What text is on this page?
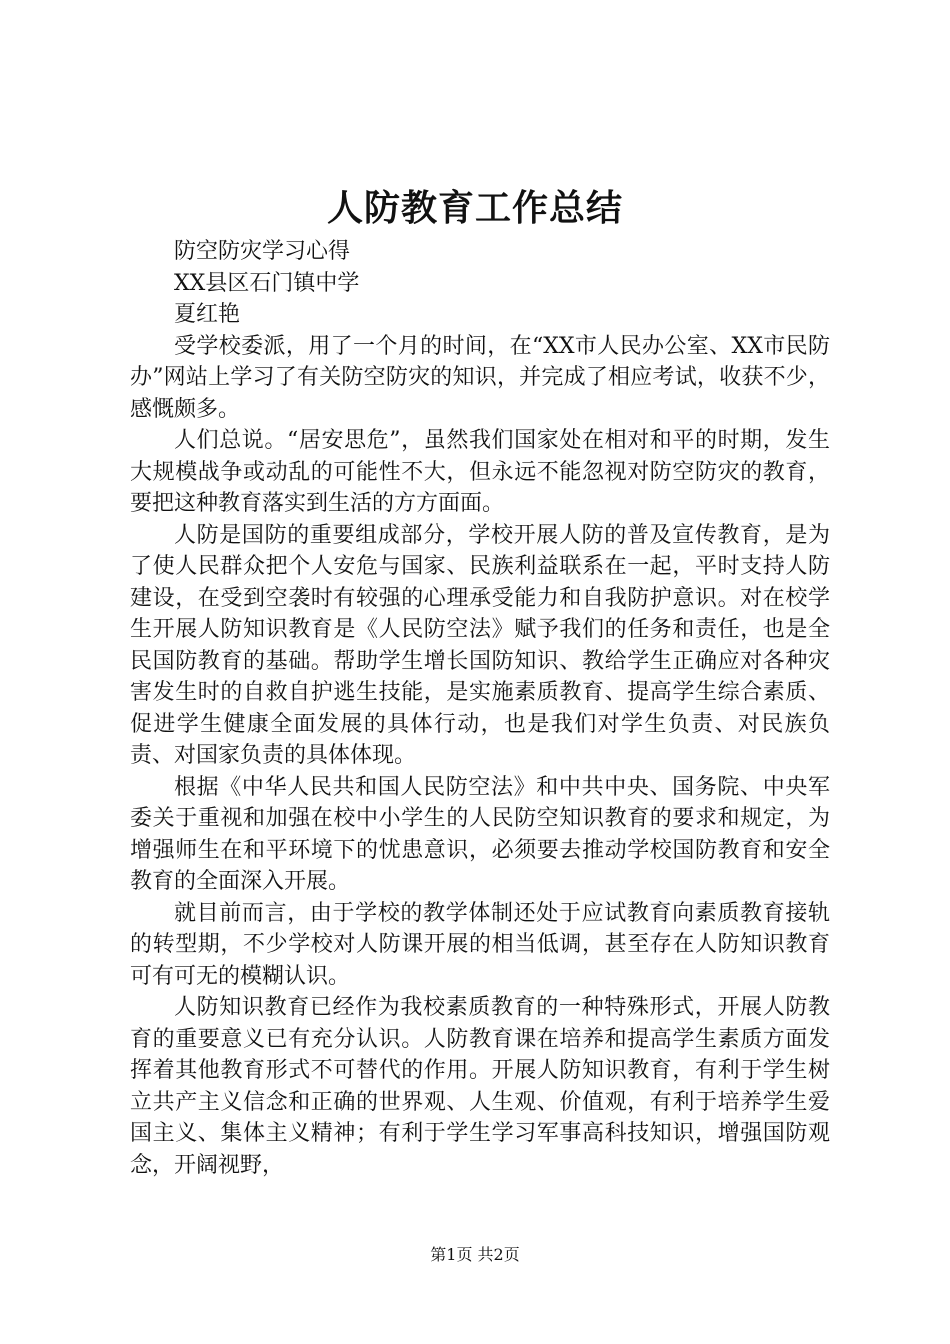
人防教育工作总结

防空防灾学习心得

XX县区石门镇中学

夏红艳

受学校委派，用了一个月的时间，在“XX市人民办公室、XX市民防办”网站上学习了有关防空防灾的知识，并完成了相应考试，收获不少，感慨颇多。

人们总说。“居安思危”，虽然我们国家处在相对和平的时期，发生大规模战争或动乱的可能性不大，但永远不能忽视对防空防灾的教育，要把这种教育落实到生活的方方面面。

人防是国防的重要组成部分，学校开展人防的普及宣传教育，是为了使人民群众把个人安危与国家、民族利益联系在一起，平时支持人防建设，在受到空袭时有较强的心理承受能力和自我防护意识。对在校学生开展人防知识教育是《人民防空法》赋予我们的任务和责任，也是全民国防教育的基础。帮助学生增长国防知识、教给学生正确应对各种灾害发生时的自救自护逃生技能，是实施素质教育、提高学生综合素质、促进学生健康全面发展的具体行动，也是我们对学生负责、对民族负责、对国家负责的具体体现。

根据《中华人民共和国人民防空法》和中共中央、国务院、中央军委关于重视和加强在校中小学生的人民防空知识教育的要求和规定，为增强师生在和平环境下的忧患意识，必须要去推动学校国防教育和安全教育的全面深入开展。

就目前而言，由于学校的教学体制还处于应试教育向素质教育接轨的转型期，不少学校对人防课开展的相当低调，甚至存在人防知识教育可有可无的模糊认识。

人防知识教育已经作为我校素质教育的一种特殊形式，开展人防教育的重要意义已有充分认识。人防教育课在培养和提高学生素质方面发挥着其他教育形式不可替代的作用。开展人防知识教育，有利于学生树立共产主义信念和正确的世界观、人生观、价值观，有利于培养学生爱国主义、集体主义精神；有利于学生学习军事高科技知识，增强国防观念，开阔视野，

第1页 共2页
